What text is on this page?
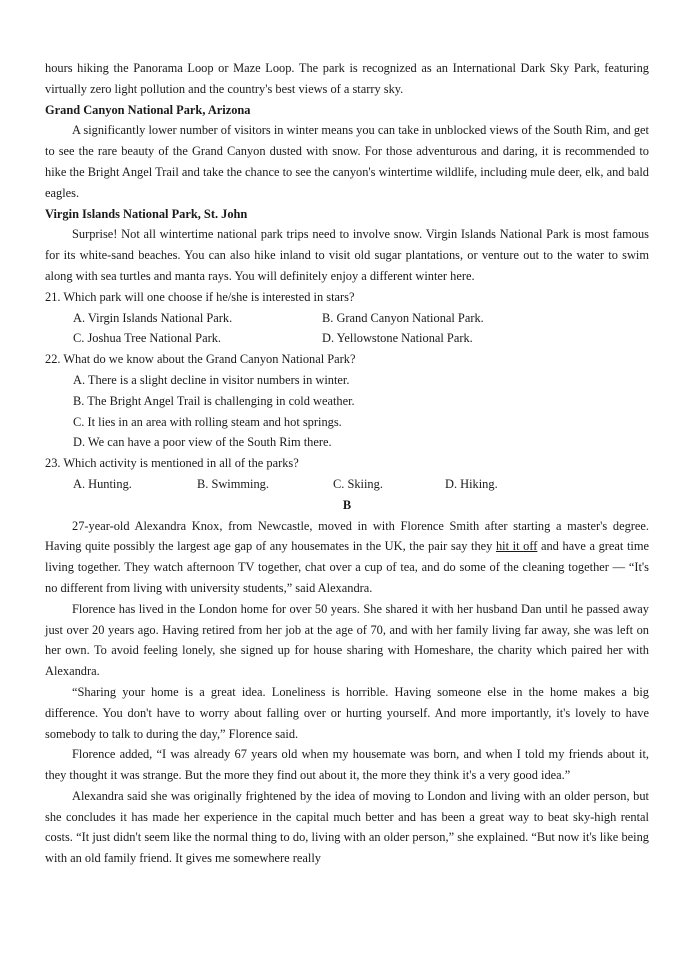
hours hiking the Panorama Loop or Maze Loop. The park is recognized as an International Dark Sky Park, featuring virtually zero light pollution and the country's best views of a starry sky.

Grand Canyon National Park, Arizona

A significantly lower number of visitors in winter means you can take in unblocked views of the South Rim, and get to see the rare beauty of the Grand Canyon dusted with snow. For those adventurous and daring, it is recommended to hike the Bright Angel Trail and take the chance to see the canyon's wintertime wildlife, including mule deer, elk, and bald eagles.

Virgin Islands National Park, St. John

Surprise! Not all wintertime national park trips need to involve snow. Virgin Islands National Park is most famous for its white-sand beaches. You can also hike inland to visit old sugar plantations, or venture out to the water to swim along with sea turtles and manta rays. You will definitely enjoy a different winter here.

21. Which park will one choose if he/she is interested in stars?

A. Virgin Islands National Park.	B. Grand Canyon National Park.
C. Joshua Tree National Park.	D. Yellowstone National Park.

22. What do we know about the Grand Canyon National Park?

A. There is a slight decline in visitor numbers in winter.
B. The Bright Angel Trail is challenging in cold weather.
C. It lies in an area with rolling steam and hot springs.
D. We can have a poor view of the South Rim there.

23. Which activity is mentioned in all of the parks?

A. Hunting.	B. Swimming.	C. Skiing.	D. Hiking.

B

27-year-old Alexandra Knox, from Newcastle, moved in with Florence Smith after starting a master's degree. Having quite possibly the largest age gap of any housemates in the UK, the pair say they hit it off and have a great time living together. They watch afternoon TV together, chat over a cup of tea, and do some of the cleaning together — “It's no different from living with university students,” said Alexandra.

Florence has lived in the London home for over 50 years. She shared it with her husband Dan until he passed away just over 20 years ago. Having retired from her job at the age of 70, and with her family living far away, she was left on her own. To avoid feeling lonely, she signed up for house sharing with Homeshare, the charity which paired her with Alexandra.

“Sharing your home is a great idea. Loneliness is horrible. Having someone else in the home makes a big difference. You don't have to worry about falling over or hurting yourself. And more importantly, it's lovely to have somebody to talk to during the day,” Florence said.

Florence added, “I was already 67 years old when my housemate was born, and when I told my friends about it, they thought it was strange. But the more they find out about it, the more they think it's a very good idea.”

Alexandra said she was originally frightened by the idea of moving to London and living with an older person, but she concludes it has made her experience in the capital much better and has been a great way to beat sky-high rental costs. “It just didn't seem like the normal thing to do, living with an older person,” she explained. “But now it's like being with an old family friend. It gives me somewhere really
